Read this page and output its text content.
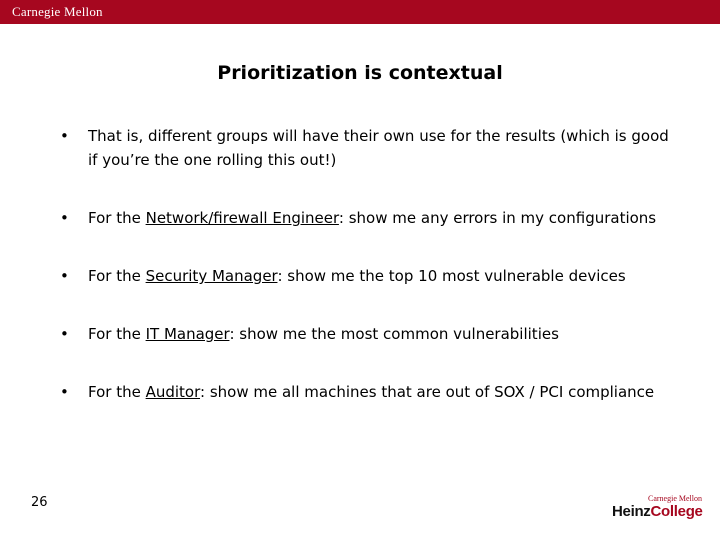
Carnegie Mellon
Prioritization is contextual
•	That is, different groups will have their own use for the results (which is good if you’re the one rolling this out!)
•	For the Network/firewall Engineer: show me any errors in my configurations
•	For the Security Manager: show me the top 10 most vulnerable devices
•	For the IT Manager: show me the most common vulnerabilities
•	For the Auditor: show me all machines that are out of SOX / PCI compliance
26	Carnegie Mellon
HeinzCollege
